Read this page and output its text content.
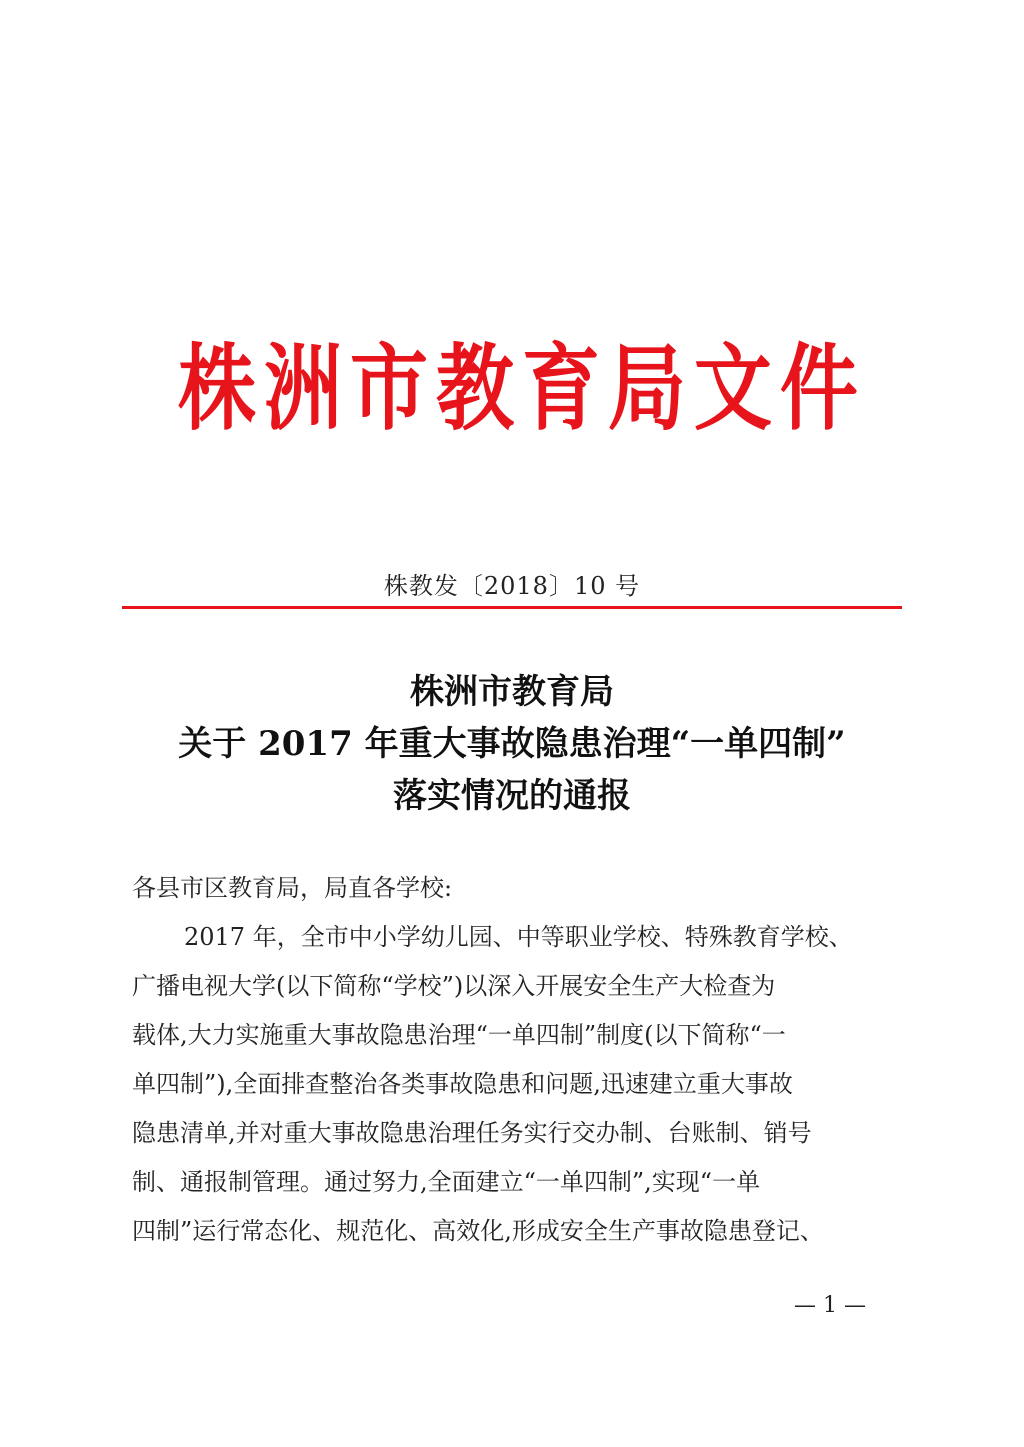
株 洲 市 教 育 局 文 件
株教发〔2018〕10 号
株洲市教育局
关于 2017 年重大事故隐患治理“一单四制”
落实情况的通报

各县市区教育局，局直各学校:

2017 年，全市中小学幼儿园、中等职业学校、特殊教育学校、

广播电视大学(以下简称“学校”)以深入开展安全生产大检查为

载体,大力实施重大事故隐患治理“一单四制”制度(以下简称“一

单四制”),全面排查整治各类事故隐患和问题,迅速建立重大事故

隐患清单,并对重大事故隐患治理任务实行交办制、台账制、销号

制、通报制管理。通过努力,全面建立“一单四制”,实现“一单

四制”运行常态化、规范化、高效化,形成安全生产事故隐患登记、

— 1 —
